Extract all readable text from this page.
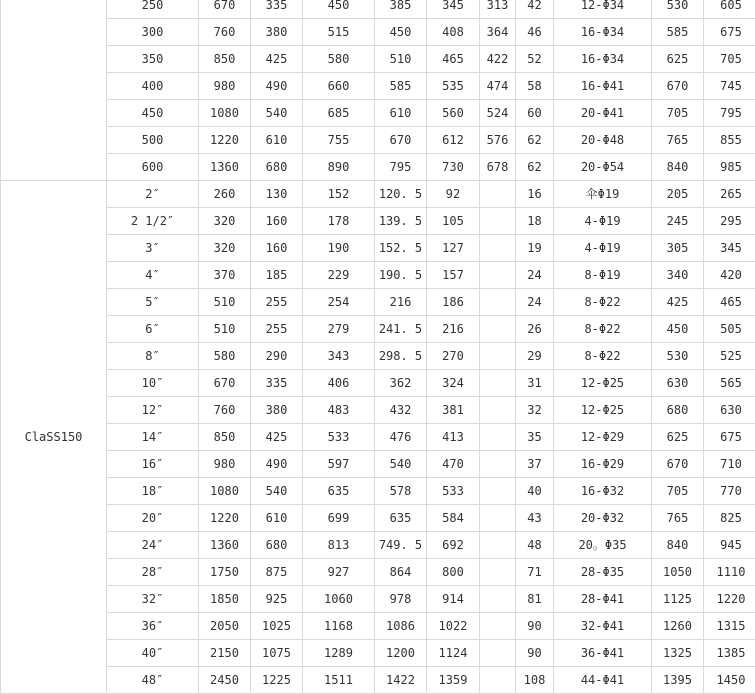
	250	670	335	450	385	345	313	42	12-Φ34	530	605
	300	760	380	515	450	408	364	46	16-Φ34	585	675
	350	850	425	580	510	465	422	52	16-Φ34	625	705
	400	980	490	660	585	535	474	58	16-Φ41	670	745
	450	1080	540	685	610	560	524	60	20-Φ41	705	795
	500	1220	610	755	670	612	576	62	20-Φ48	765	855
	600	1360	680	890	795	730	678	62	20-Φ54	840	985
ClaSS150	2″	260	130	152	120. 5	92		16	伞Φ19	205	265
	2 1/2″	320	160	178	139. 5	105		18	4-Φ19	245	295
	3″	320	160	190	152. 5	127		19	4-Φ19	305	345
	4″	370	185	229	190. 5	157		24	8-Φ19	340	420
	5″	510	255	254	216	186		24	8-Φ22	425	465
	6″	510	255	279	241. 5	216		26	8-Φ22	450	505
	8″	580	290	343	298. 5	270		29	8-Φ22	530	525
	10″	670	335	406	362	324		31	12-Φ25	630	565
	12″	760	380	483	432	381		32	12-Φ25	680	630
	14″	850	425	533	476	413		35	12-Φ29	625	675
	16″	980	490	597	540	470		37	16-Φ29	670	710
	18″	1080	540	635	578	533		40	16-Φ32	705	770
	20″	1220	610	699	635	584		43	20-Φ32	765	825
	24″	1360	680	813	749. 5	692		48	20。Φ35	840	945
	28″	1750	875	927	864	800		71	28-Φ35	1050	1110
	32″	1850	925	1060	978	914		81	28-Φ41	1125	1220
	36″	2050	1025	1168	1086	1022		90	32-Φ41	1260	1315
	40″	2150	1075	1289	1200	1124		90	36-Φ41	1325	1385
	48″	2450	1225	1511	1422	1359		108	44-Φ41	1395	1450
